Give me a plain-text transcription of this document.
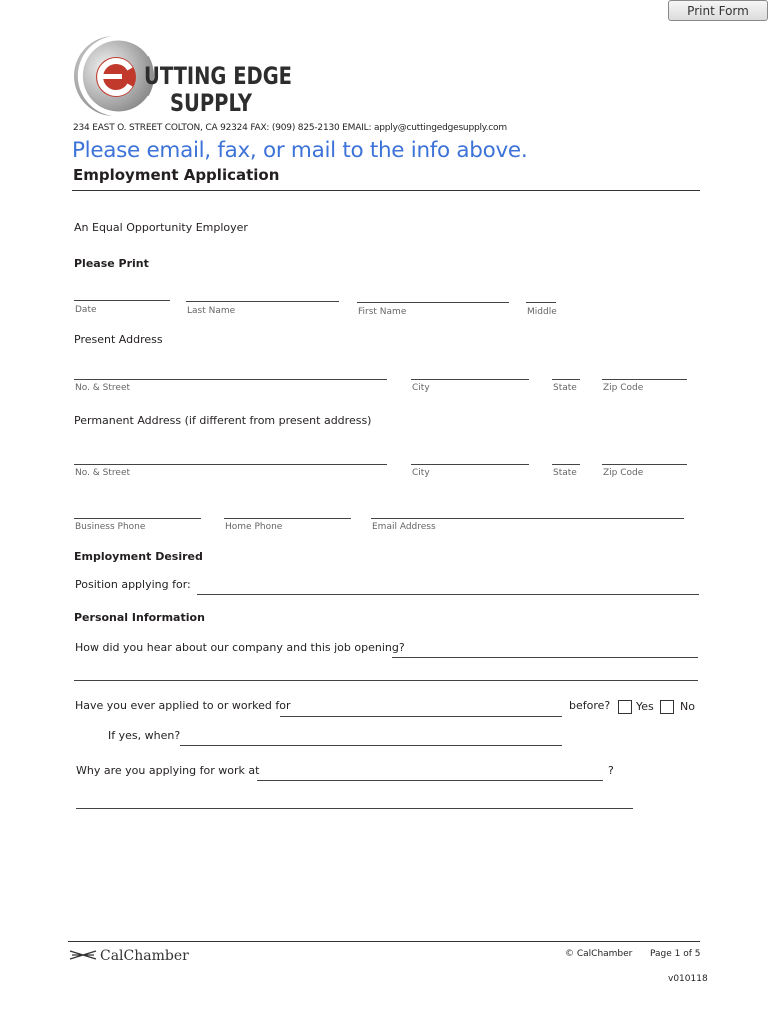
Print Form
UTTING EDGE
SUPPLY
234 EAST O. STREET COLTON, CA 92324 FAX: (909) 825-2130 EMAIL: apply@cuttingedgesupply.com
Please email, fax, or mail to the info above.
Employment Application
An Equal Opportunity Employer
Please Print
Date	Last Name	First Name	Middle
Present Address
No. & Street	City	State	Zip Code
Permanent Address (if different from present address)
No. & Street	City	State	Zip Code
Business Phone	Home Phone	Email Address
Employment Desired
Position applying for:
Personal Information
How did you hear about our company and this job opening?
Have you ever applied to or worked for	before? Yes No
If yes, when?
Why are you applying for work at	?
CalChamber	© CalChamber Page 1 of 5
v010118
